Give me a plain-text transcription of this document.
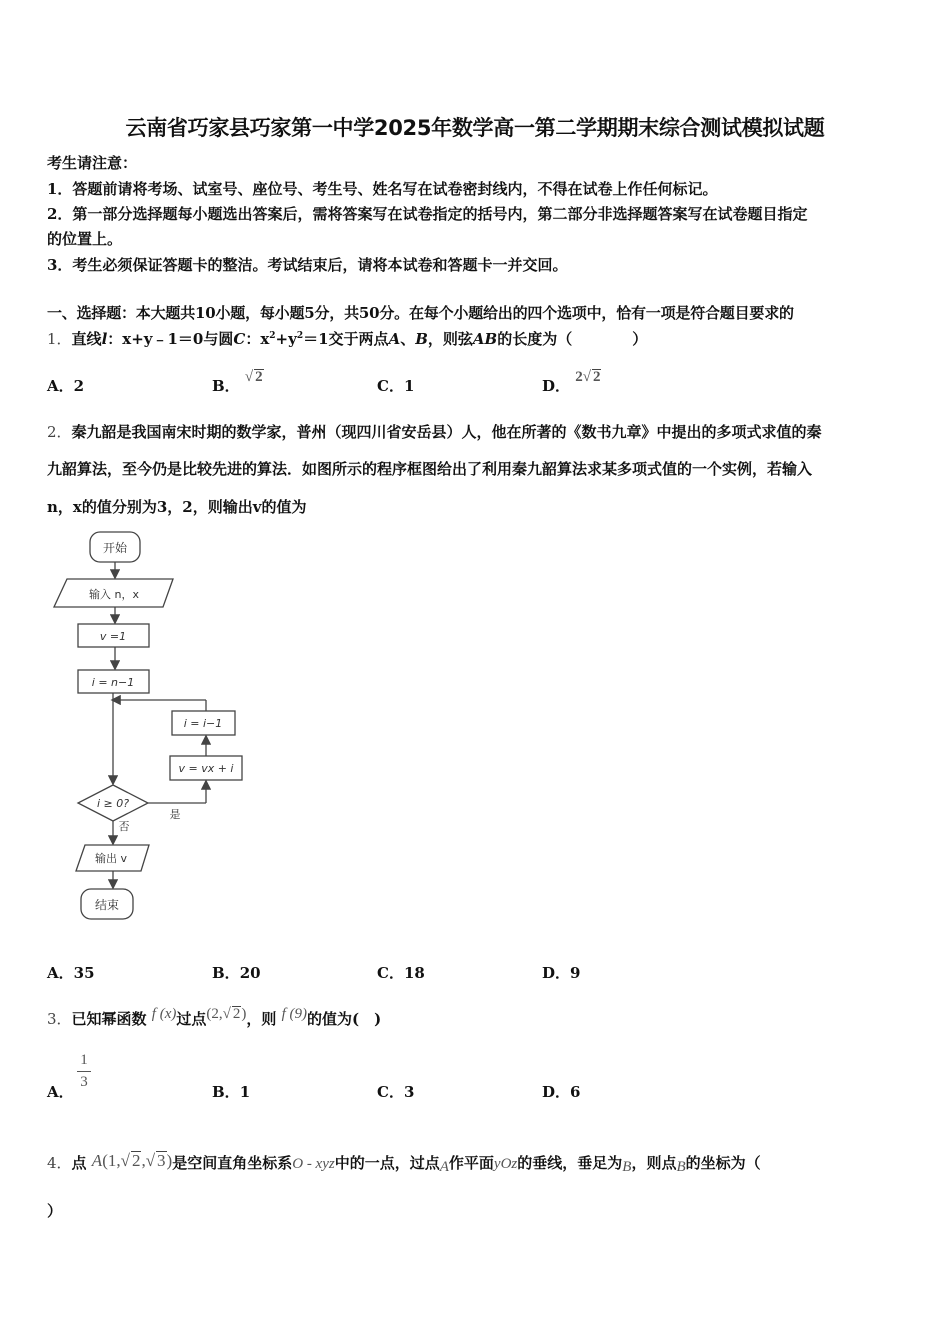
云南省巧家县巧家第一中学2025年数学高一第二学期期末综合测试模拟试题
考生请注意：
1．答题前请将考场、试室号、座位号、考生号、姓名写在试卷密封线内，不得在试卷上作任何标记。
2．第一部分选择题每小题选出答案后，需将答案写在试卷指定的括号内，第二部分非选择题答案写在试卷题目指定
的位置上。
3．考生必须保证答题卡的整洁。考试结束后，请将本试卷和答题卡一并交回。
一、选择题：本大题共10小题，每小题5分，共50分。在每个小题给出的四个选项中，恰有一项是符合题目要求的
1．直线l：x+y﹣1＝0与圆C：$x^2+y^2=1$交于两点A、B，则弦AB的长度为（　　　　）
A．2	B． √ 2	C．1	D． 2√ 2
2．秦九韶是我国南宋时期的数学家，普州（现四川省安岳县）人，他在所著的《数书九章》中提出的多项式求值的秦
九韶算法，至今仍是比较先进的算法．如图所示的程序框图给出了利用秦九韶算法求某多项式值的一个实例，若输入
n，x的值分别为3，2，则输出v的值为
开始
输入 n，x
v =1
i = n−1
i = i−1
v = vx + i
i ≥ 0?
是
否
输出 v
结束
A．35	B．20	C．18	D．9
3．已知幂函数 f (x)过点(2,√ 2)，则 f (9)的值为(　)
A．
1
3
B．1	C．3	D．6
4．点 A(1,√ 2,√ 3)是空间直角坐标系O - xyz中的一点，过点A作平面yOz的垂线，垂足为B，则点B的坐标为（
）
